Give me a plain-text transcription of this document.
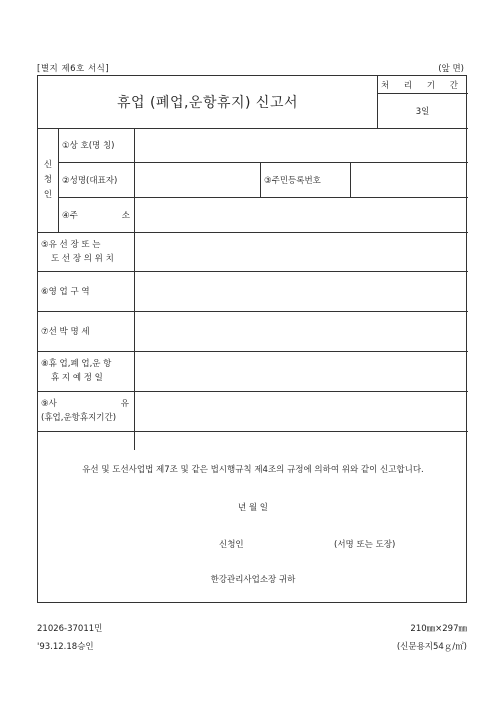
[별지 제6호 서식]	(앞 면)
휴업 (폐업,운항휴지) 신고서
처 리 기 간
3일
신
청
인
①상 호(명 칭)
②성명(대표자)	③주민등록번호
④주	소
⑤유 선 장 또 는
도 선 장 의 위 치
⑥영 업 구 역
⑦선 박 명 세
⑧휴 업,폐 업,운 항
휴 지 예 정 일
⑨사	유
(휴업,운항휴지기간)
유선 및 도선사업법 제7조 및 같은 법시행규칙 제4조의 규정에 의하여 위와 같이 신고합니다.
년 월 일
신청인	(서명 또는 도장)
한강관리사업소장 귀하
21026-37011민	210㎜×297㎜
'93.12.18승인	(신문용지54ｇ/㎡)
